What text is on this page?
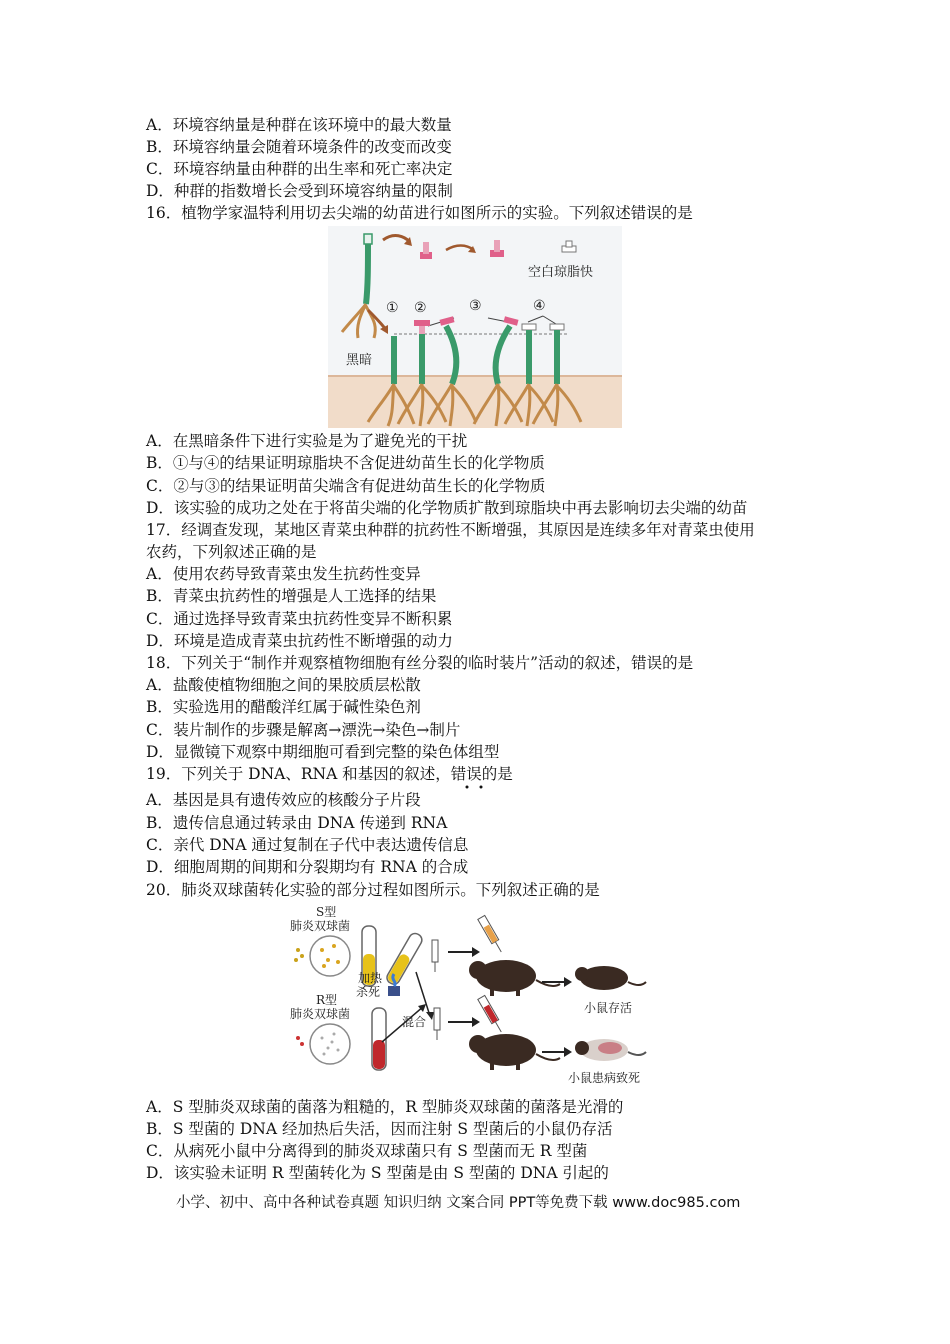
A．环境容纳量是种群在该环境中的最大数量
B．环境容纳量会随着环境条件的改变而改变
C．环境容纳量由种群的出生率和死亡率决定
D．种群的指数增长会受到环境容纳量的限制
16．植物学家温特利用切去尖端的幼苗进行如图所示的实验。下列叙述错误的是
空白琼脂快
① ②	③	④
黑暗
A．在黑暗条件下进行实验是为了避免光的干扰
B．①与④的结果证明琼脂块不含促进幼苗生长的化学物质
C．②与③的结果证明苗尖端含有促进幼苗生长的化学物质
D．该实验的成功之处在于将苗尖端的化学物质扩散到琼脂块中再去影响切去尖端的幼苗
17．经调查发现，某地区青菜虫种群的抗药性不断增强，其原因是连续多年对青菜虫使用
农药，下列叙述正确的是
A．使用农药导致青菜虫发生抗药性变异
B．青菜虫抗药性的增强是人工选择的结果
C．通过选择导致青菜虫抗药性变异不断积累
D．环境是造成青菜虫抗药性不断增强的动力
18．下列关于“制作并观察植物细胞有丝分裂的临时装片”活动的叙述，错误的是
A．盐酸使植物细胞之间的果胶质层松散
B．实验选用的醋酸洋红属于碱性染色剂
C．装片制作的步骤是解离→漂洗→染色→制片
D．显微镜下观察中期细胞可看到完整的染色体组型
19．下列关于 DNA、RNA 和基因的叙述，错误的是
A．基因是具有遗传效应的核酸分子片段
B．遗传信息通过转录由 DNA 传递到 RNA
C．亲代 DNA 通过复制在子代中表达遗传信息
D．细胞周期的间期和分裂期均有 RNA 的合成
20．肺炎双球菌转化实验的部分过程如图所示。下列叙述正确的是
S型
肺炎双球菌
R型
肺炎双球菌
加热
杀死
混合
小鼠存活
小鼠患病致死
A．S 型肺炎双球菌的菌落为粗糙的，R 型肺炎双球菌的菌落是光滑的
B．S 型菌的 DNA 经加热后失活，因而注射 S 型菌后的小鼠仍存活
C．从病死小鼠中分离得到的肺炎双球菌只有 S 型菌而无 R 型菌
D．该实验未证明 R 型菌转化为 S 型菌是由 S 型菌的 DNA 引起的
小学、初中、高中各种试卷真题 知识归纳 文案合同 PPT等免费下载 www.doc985.com
